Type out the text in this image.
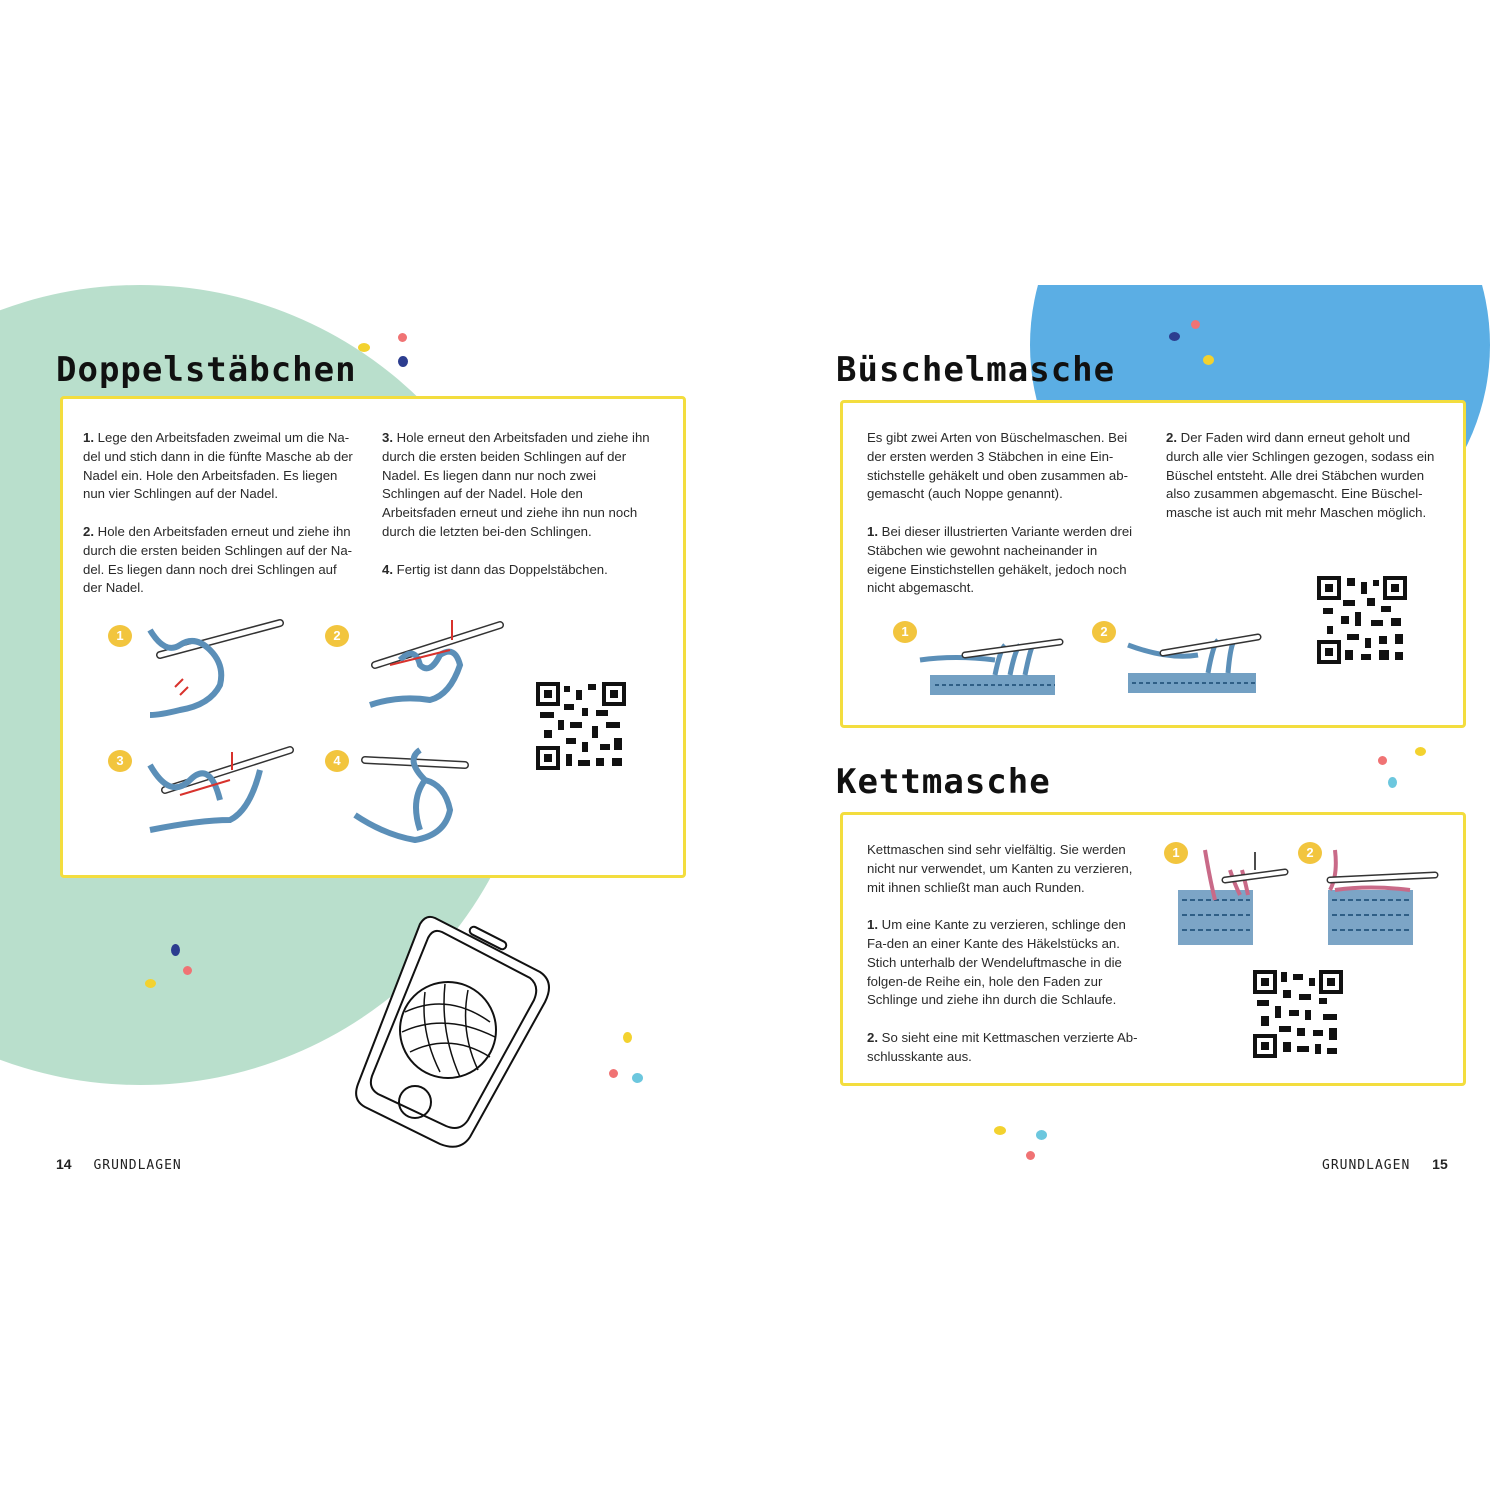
Doppelstäbchen

1. Lege den Arbeitsfaden zweimal um die Na-del und stich dann in die fünfte Masche ab der Nadel ein. Hole den Arbeitsfaden. Es liegen nun vier Schlingen auf der Nadel.

2. Hole den Arbeitsfaden erneut und ziehe ihn durch die ersten beiden Schlingen auf der Na-del. Es liegen dann noch drei Schlingen auf der Nadel.

3. Hole erneut den Arbeitsfaden und ziehe ihn durch die ersten beiden Schlingen auf der Nadel. Es liegen dann nur noch zwei Schlingen auf der Nadel. Hole den Arbeitsfaden erneut und ziehe ihn nun noch durch die letzten bei-den Schlingen.

4. Fertig ist dann das Doppelstäbchen.

1	2
3	4
14 GRUNDLAGEN
Büschelmasche

Es gibt zwei Arten von Büschelmaschen. Bei der ersten werden 3 Stäbchen in eine Ein-stichstelle gehäkelt und oben zusammen ab-gemascht (auch Noppe genannt).

1. Bei dieser illustrierten Variante werden drei Stäbchen wie gewohnt nacheinander in eigene Einstichstellen gehäkelt, jedoch noch nicht abgemascht.

2. Der Faden wird dann erneut geholt und durch alle vier Schlingen gezogen, sodass ein Büschel entsteht. Alle drei Stäbchen wurden also zusammen abgemascht. Eine Büschel-masche ist auch mit mehr Maschen möglich.

1	2
Kettmasche

Kettmaschen sind sehr vielfältig. Sie werden nicht nur verwendet, um Kanten zu verzieren, mit ihnen schließt man auch Runden.

1. Um eine Kante zu verzieren, schlinge den Fa-den an einer Kante des Häkelstücks an. Stich unterhalb der Wendeluftmasche in die folgen-de Reihe ein, hole den Faden zur Schlinge und ziehe ihn durch die Schlaufe.

2. So sieht eine mit Kettmaschen verzierte Ab-schlusskante aus.

1	2
GRUNDLAGEN 15
